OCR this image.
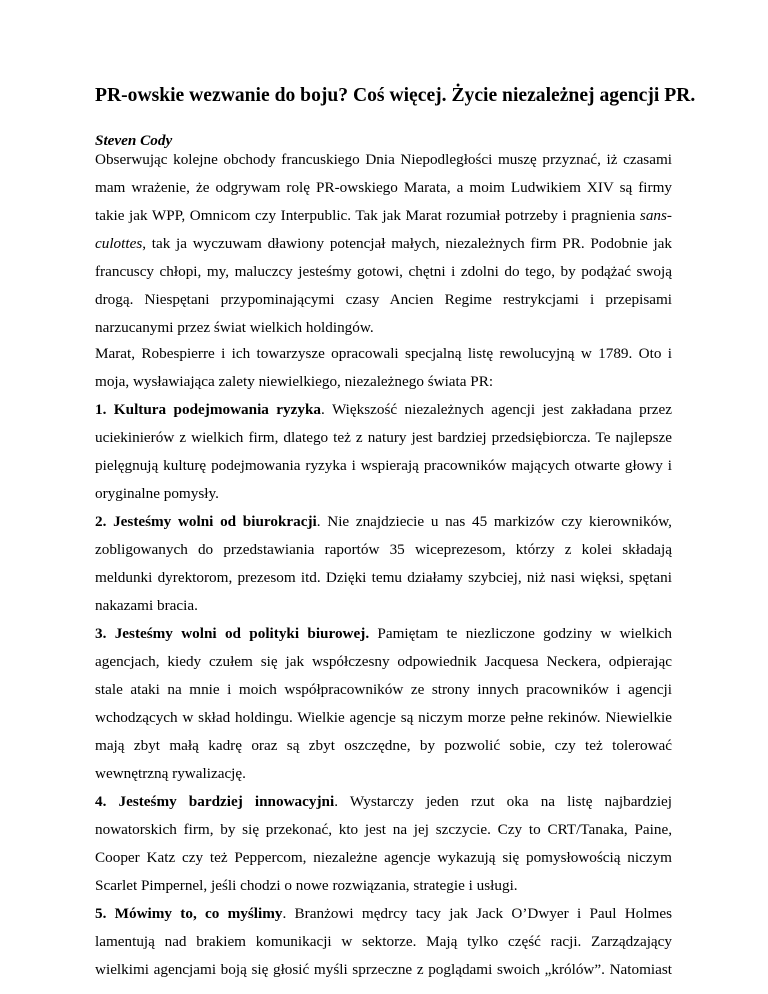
PR-owskie wezwanie do boju? Coś więcej. Życie niezależnej agencji PR.
Steven Cody
Obserwując kolejne obchody francuskiego Dnia Niepodległości muszę przyznać, iż czasami
mam wrażenie, że odgrywam rolę PR-owskiego Marata, a moim Ludwikiem XIV są firmy
takie jak WPP, Omnicom czy Interpublic. Tak jak Marat rozumiał potrzeby i pragnienia sans-
culottes, tak ja wyczuwam dławiony potencjał małych, niezależnych firm PR. Podobnie jak
francuscy chłopi, my, maluczcy jesteśmy gotowi, chętni i zdolni do tego, by podążać swoją
drogą. Niespętani przypominającymi czasy Ancien Regime restrykcjami i przepisami
narzucanymi przez świat wielkich holdingów.
Marat, Robespierre i ich towarzysze opracowali specjalną listę rewolucyjną w 1789. Oto i
moja, wysławiająca zalety niewielkiego, niezależnego świata PR:
1. Kultura podejmowania ryzyka. Większość niezależnych agencji jest zakładana przez
uciekinierów z wielkich firm, dlatego też z natury jest bardziej przedsiębiorcza. Te najlepsze
pielęgnują kulturę podejmowania ryzyka i wspierają pracowników mających otwarte głowy i
oryginalne pomysły.
2. Jesteśmy wolni od biurokracji. Nie znajdziecie u nas 45 markizów czy kierowników,
zobligowanych do przedstawiania raportów 35 wiceprezesom, którzy z kolei składają
meldunki dyrektorom, prezesom itd. Dzięki temu działamy szybciej, niż nasi więksi, spętani
nakazami bracia.
3. Jesteśmy wolni od polityki biurowej. Pamiętam te niezliczone godziny w wielkich
agencjach, kiedy czułem się jak współczesny odpowiednik Jacquesa Neckera, odpierając
stale ataki na mnie i moich współpracowników ze strony innych pracowników i agencji
wchodzących w skład holdingu. Wielkie agencje są niczym morze pełne rekinów. Niewielkie
mają zbyt małą kadrę oraz są zbyt oszczędne, by pozwolić sobie, czy też tolerować
wewnętrzną rywalizację.
4. Jesteśmy bardziej innowacyjni. Wystarczy jeden rzut oka na listę najbardziej
nowatorskich firm, by się przekonać, kto jest na jej szczycie. Czy to CRT/Tanaka, Paine,
Cooper Katz czy też Peppercom, niezależne agencje wykazują się pomysłowością niczym
Scarlet Pimpernel, jeśli chodzi o nowe rozwiązania, strategie i usługi.
5. Mówimy to, co myślimy. Branżowi mędrcy tacy jak Jack O’Dwyer i Paul Holmes
lamentują nad brakiem komunikacji w sektorze. Mają tylko część racji. Zarządzający
wielkimi agencjami boją się głosić myśli sprzeczne z poglądami swoich „królów”. Natomiast
